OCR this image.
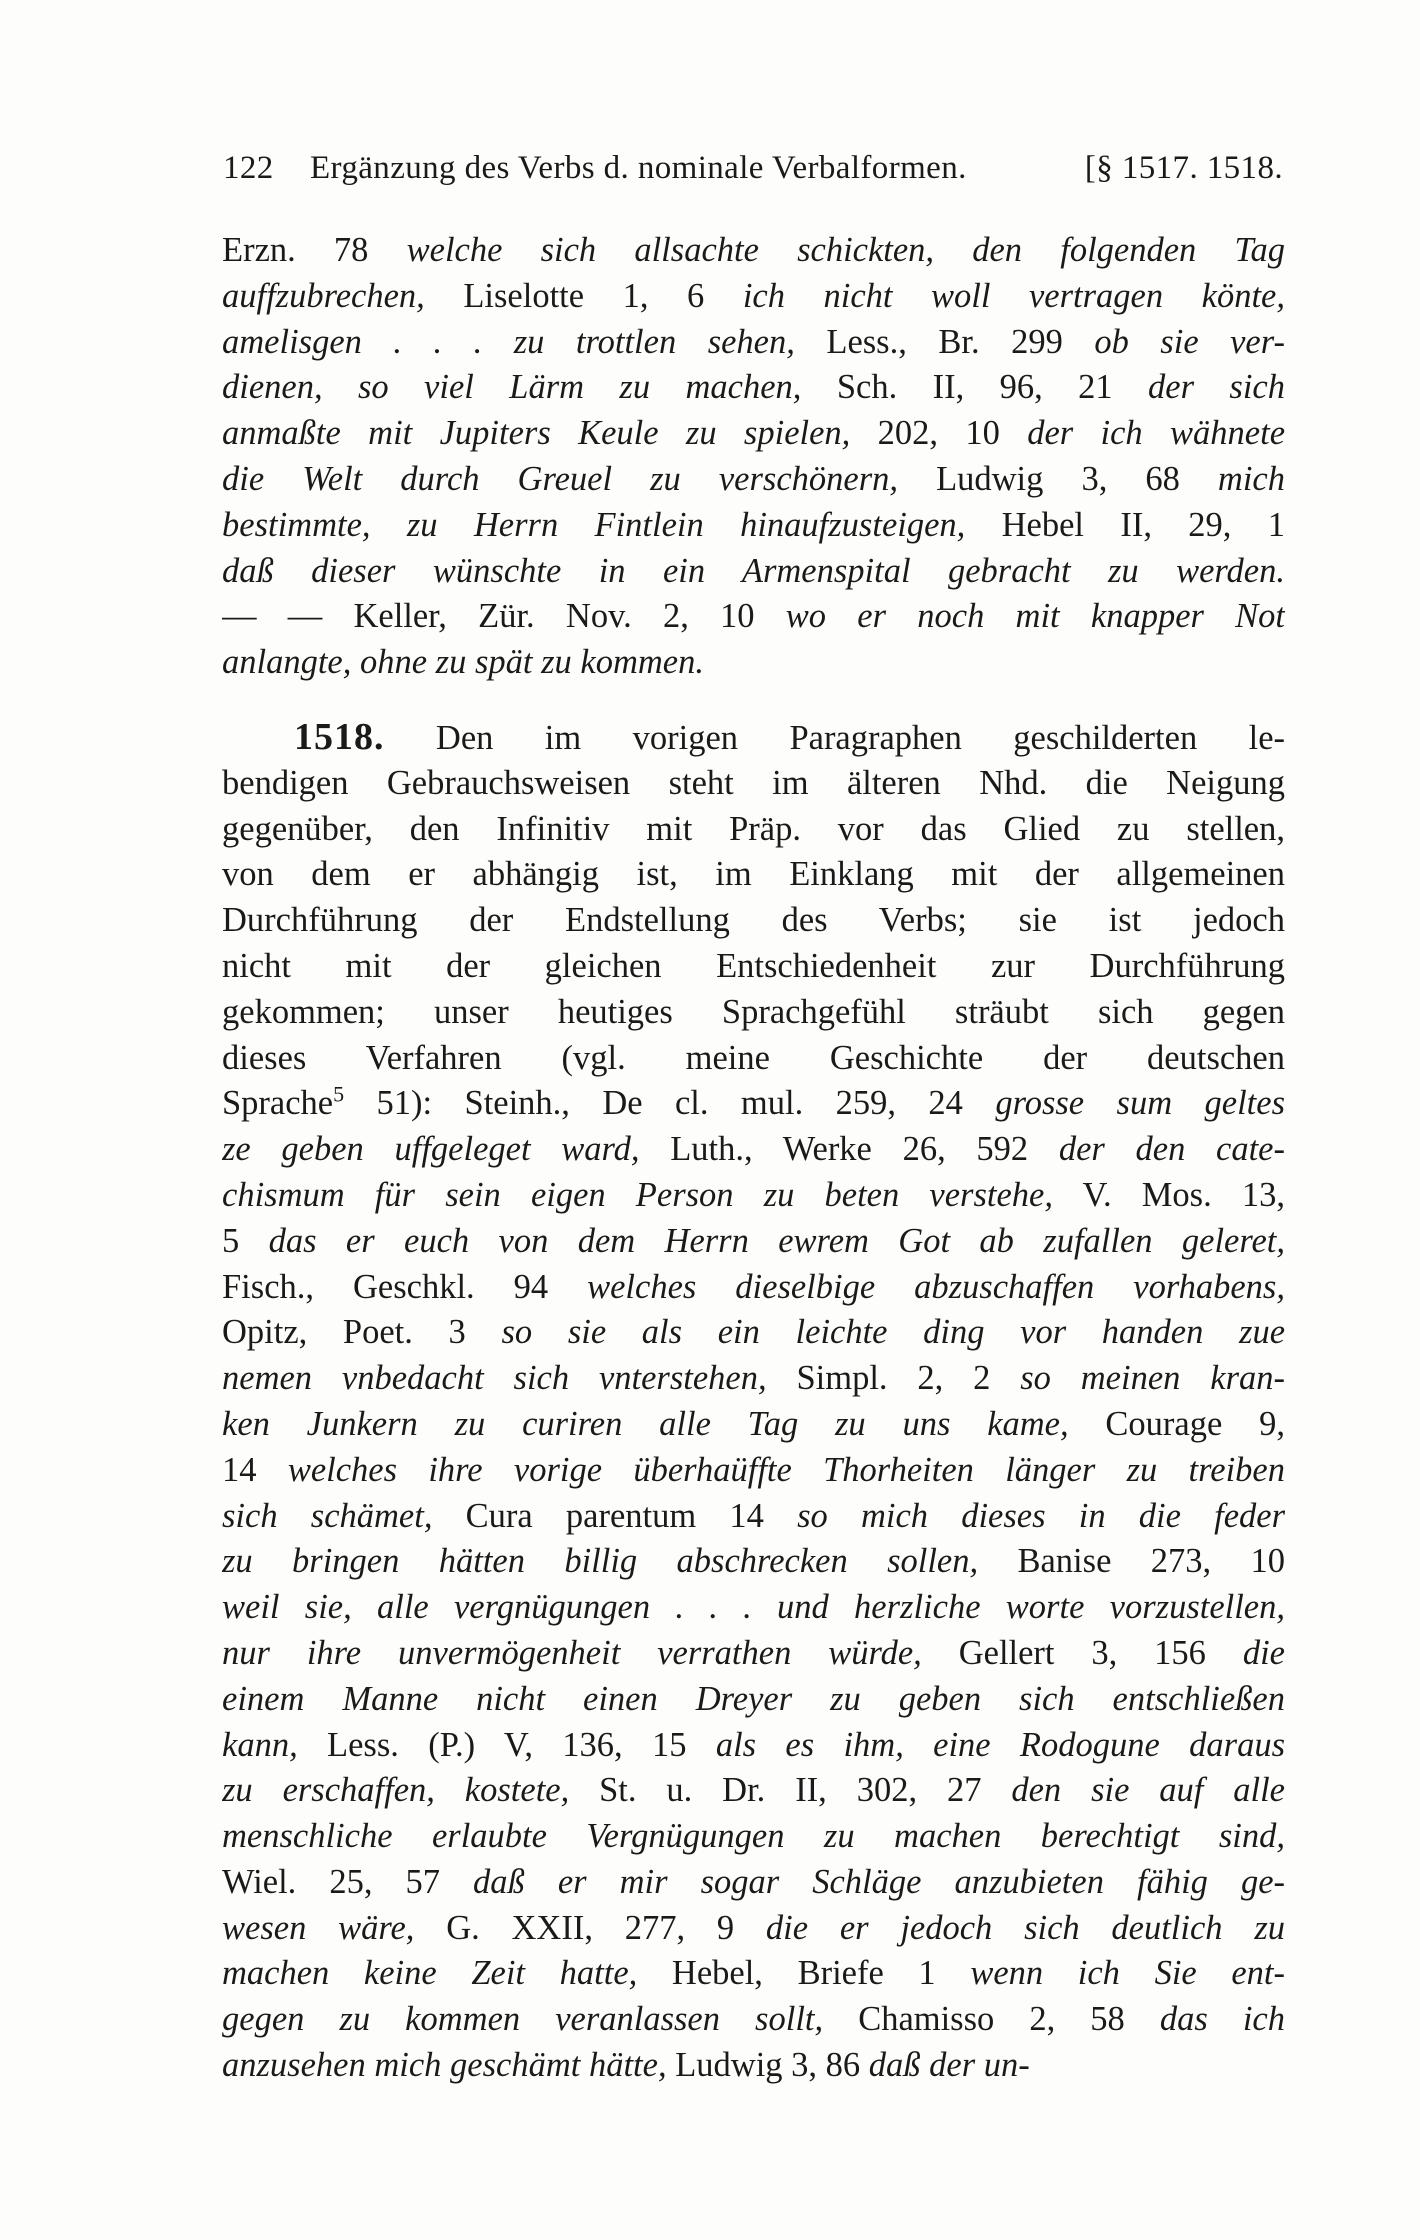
122 Ergänzung des Verbs d. nominale Verbalformen.	[§ 1517. 1518.
Erzn. 78 welche sich allsachte schickten, den folgenden Tag
auffzubrechen, Liselotte 1, 6 ich nicht woll vertragen könte,
amelisgen . . . zu trottlen sehen, Less., Br. 299 ob sie ver-
dienen, so viel Lärm zu machen, Sch. II, 96, 21 der sich
anmaßte mit Jupiters Keule zu spielen, 202, 10 der ich wähnete
die Welt durch Greuel zu verschönern, Ludwig 3, 68 mich
bestimmte, zu Herrn Fintlein hinaufzusteigen, Hebel II, 29, 1
daß dieser wünschte in ein Armenspital gebracht zu werden.
— — Keller, Zür. Nov. 2, 10 wo er noch mit knapper Not
anlangte, ohne zu spät zu kommen.
1518. Den im vorigen Paragraphen geschilderten le-
bendigen Gebrauchsweisen steht im älteren Nhd. die Neigung
gegenüber, den Infinitiv mit Präp. vor das Glied zu stellen,
von dem er abhängig ist, im Einklang mit der allgemeinen
Durchführung der Endstellung des Verbs; sie ist jedoch
nicht mit der gleichen Entschiedenheit zur Durchführung
gekommen; unser heutiges Sprachgefühl sträubt sich gegen
dieses Verfahren (vgl. meine Geschichte der deutschen
Sprache$^5$ 51): Steinh., De cl. mul. 259, 24 grosse sum geltes
ze geben uffgeleget ward, Luth., Werke 26, 592 der den cate-
chismum für sein eigen Person zu beten verstehe, V. Mos. 13,
5 das er euch von dem Herrn ewrem Got ab zufallen geleret,
Fisch., Geschkl. 94 welches dieselbige abzuschaffen vorhabens,
Opitz, Poet. 3 so sie als ein leichte ding vor handen zue
nemen vnbedacht sich vnterstehen, Simpl. 2, 2 so meinen kran-
ken Junkern zu curiren alle Tag zu uns kame, Courage 9,
14 welches ihre vorige überhaüffte Thorheiten länger zu treiben
sich schämet, Cura parentum 14 so mich dieses in die feder
zu bringen hätten billig abschrecken sollen, Banise 273, 10
weil sie, alle vergnügungen . . . und herzliche worte vorzustellen,
nur ihre unvermögenheit verrathen würde, Gellert 3, 156 die
einem Manne nicht einen Dreyer zu geben sich entschließen
kann, Less. (P.) V, 136, 15 als es ihm, eine Rodogune daraus
zu erschaffen, kostete, St. u. Dr. II, 302, 27 den sie auf alle
menschliche erlaubte Vergnügungen zu machen berechtigt sind,
Wiel. 25, 57 daß er mir sogar Schläge anzubieten fähig ge-
wesen wäre, G. XXII, 277, 9 die er jedoch sich deutlich zu
machen keine Zeit hatte, Hebel, Briefe 1 wenn ich Sie ent-
gegen zu kommen veranlassen sollt, Chamisso 2, 58 das ich
anzusehen mich geschämt hätte, Ludwig 3, 86 daß der un-
